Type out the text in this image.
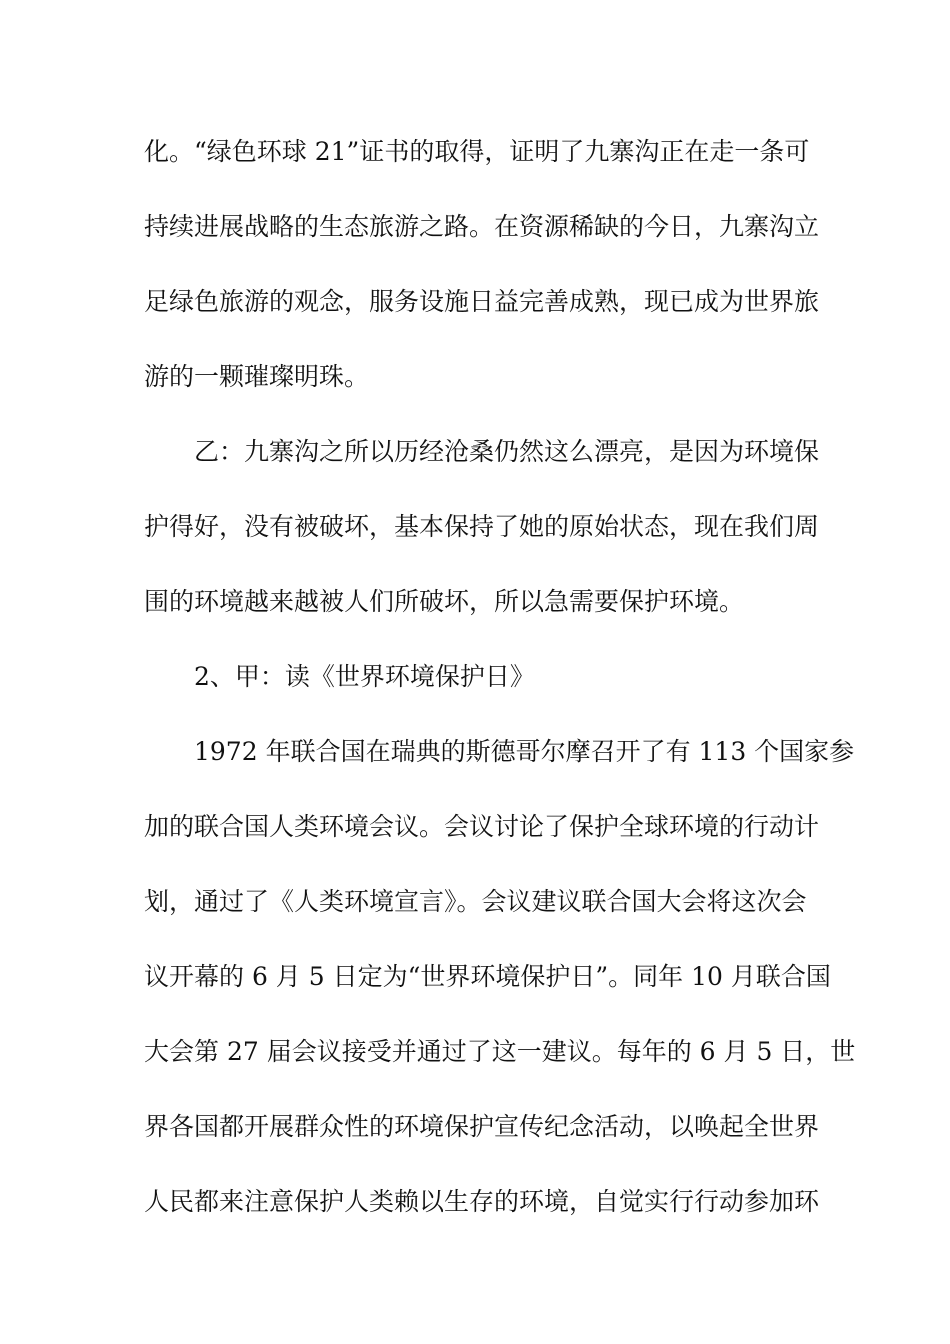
化。“绿色环球 21”证书的取得，证明了九寨沟正在走一条可
持续进展战略的生态旅游之路。在资源稀缺的今日，九寨沟立
足绿色旅游的观念，服务设施日益完善成熟，现已成为世界旅
游的一颗璀璨明珠。
乙：九寨沟之所以历经沧桑仍然这么漂亮，是因为环境保
护得好，没有被破坏，基本保持了她的原始状态，现在我们周
围的环境越来越被人们所破坏，所以急需要保护环境。
2、甲：读《世界环境保护日》
1972 年联合国在瑞典的斯德哥尔摩召开了有 113 个国家参
加的联合国人类环境会议。会议讨论了保护全球环境的行动计
划，通过了《人类环境宣言》。会议建议联合国大会将这次会
议开幕的 6 月 5 日定为“世界环境保护日”。同年 10 月联合国
大会第 27 届会议接受并通过了这一建议。每年的 6 月 5 日，世
界各国都开展群众性的环境保护宣传纪念活动，以唤起全世界
人民都来注意保护人类赖以生存的环境，自觉实行行动参加环
